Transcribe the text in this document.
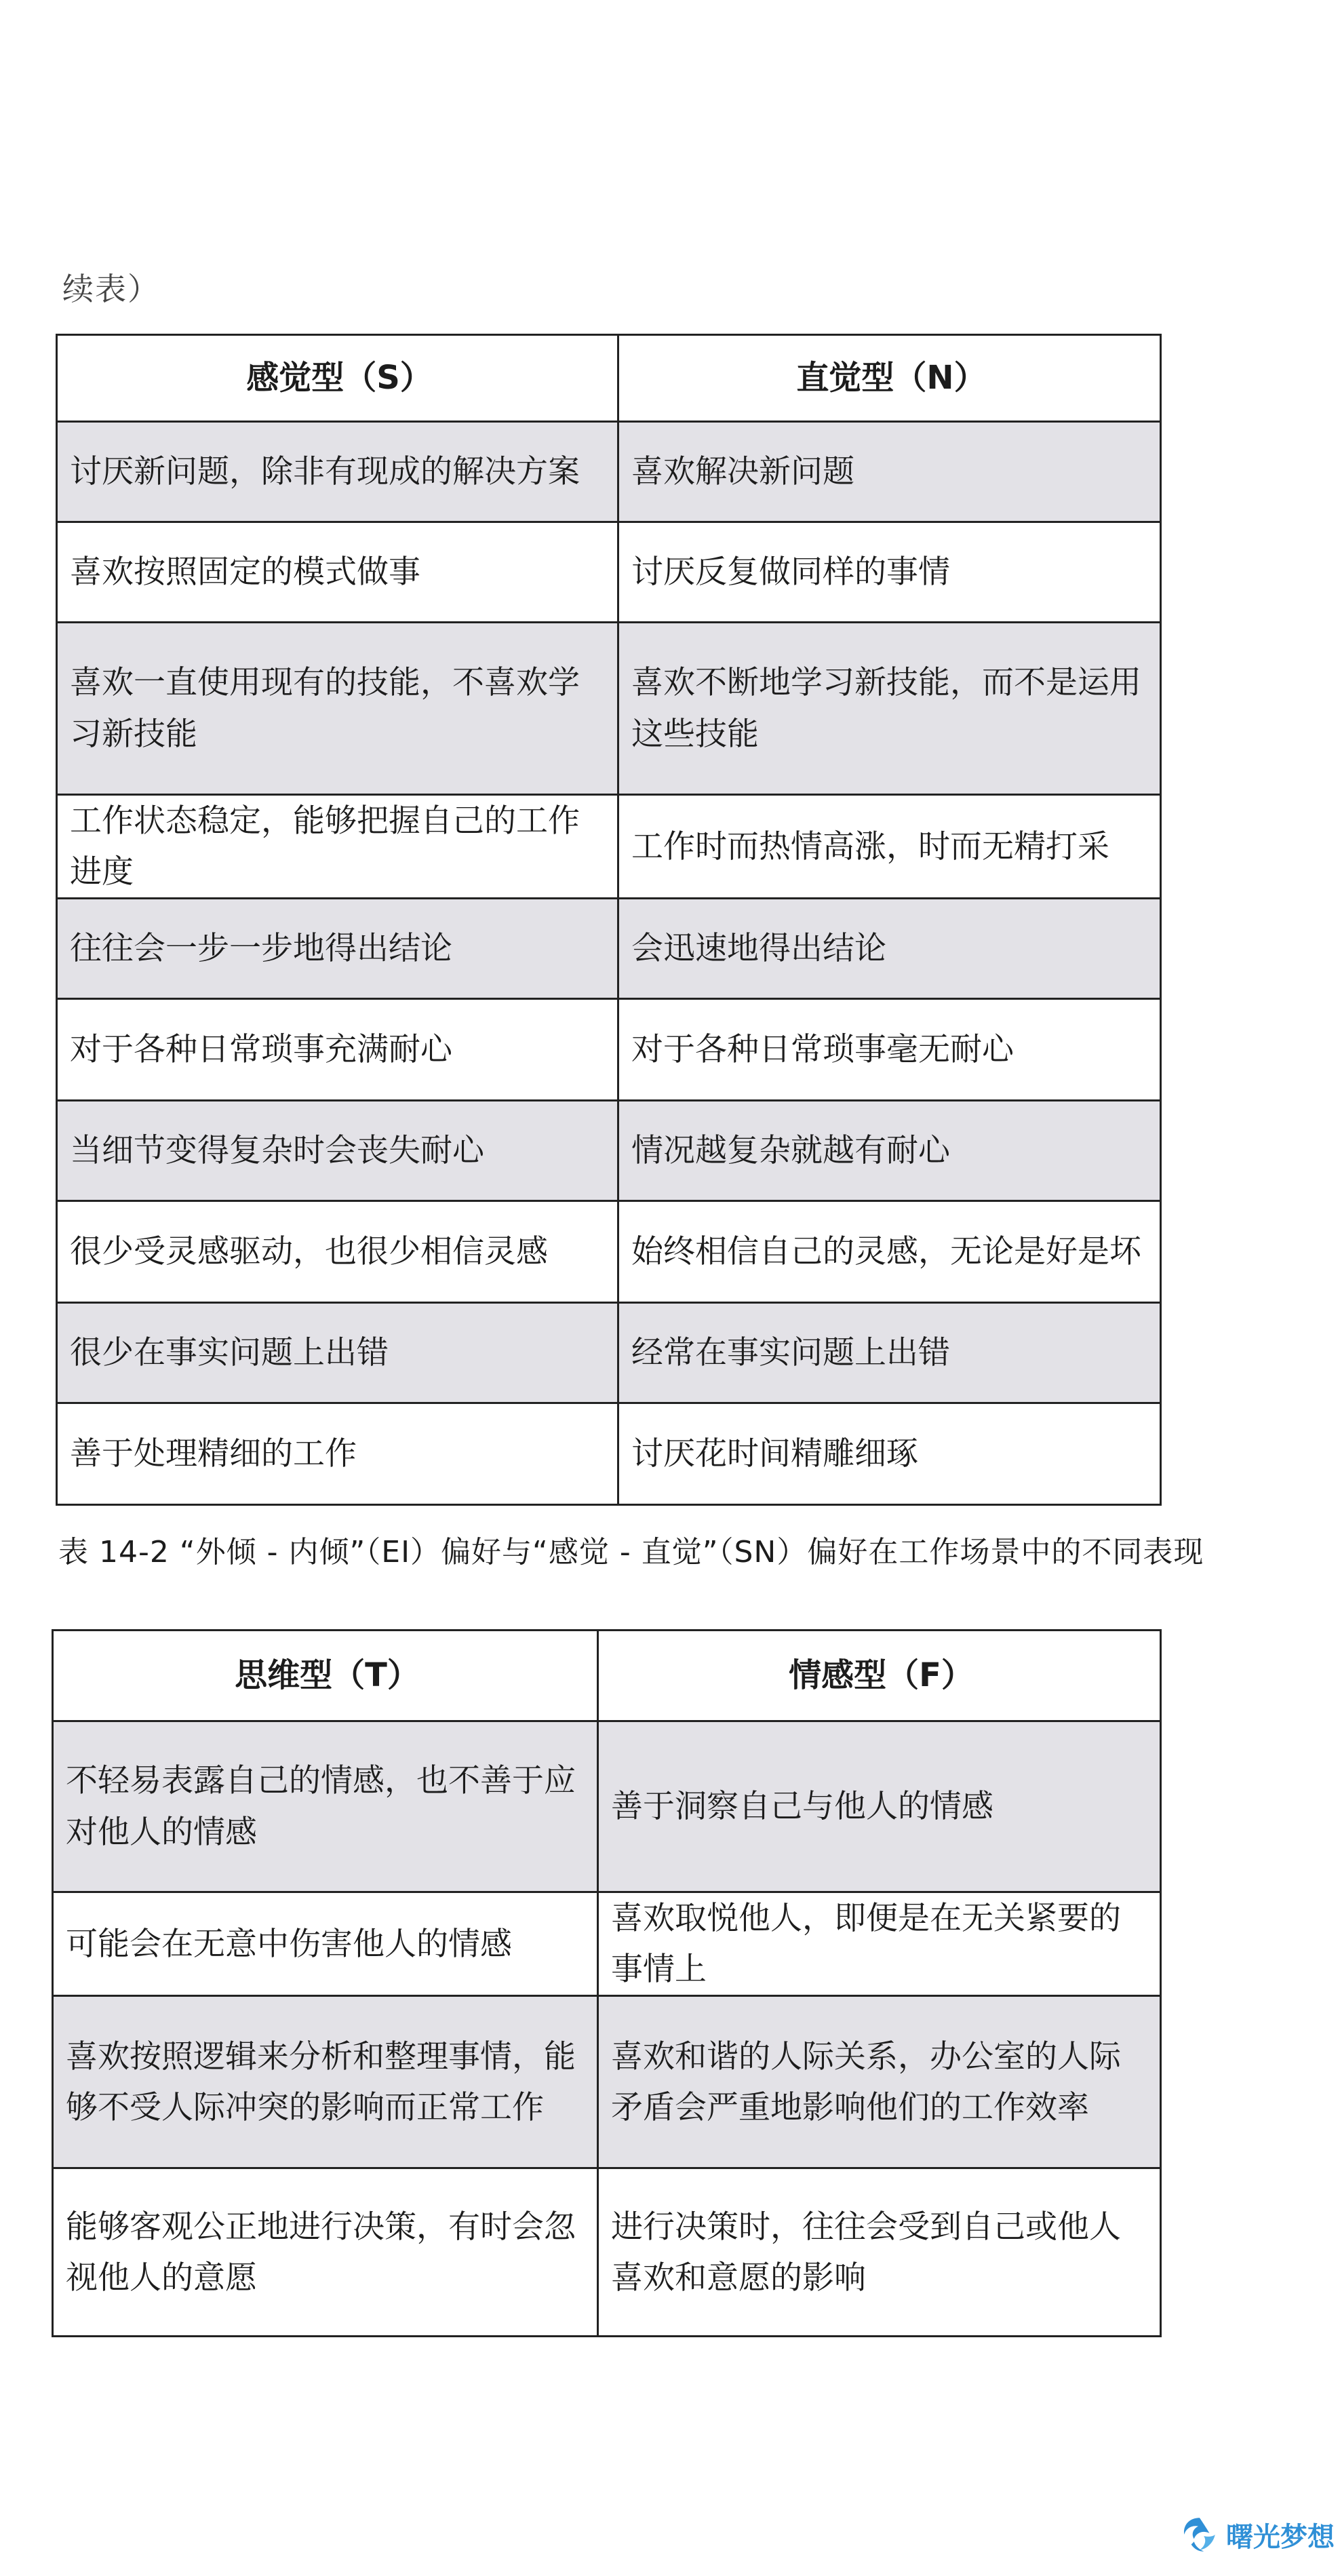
续表）
感觉型（S）	直觉型（N）
讨厌新问题，除非有现成的解决方案	喜欢解决新问题
喜欢按照固定的模式做事	讨厌反复做同样的事情
喜欢一直使用现有的技能，不喜欢学习新技能	喜欢不断地学习新技能，而不是运用这些技能
工作状态稳定，能够把握自己的工作进度	工作时而热情高涨，时而无精打采
往往会一步一步地得出结论	会迅速地得出结论
对于各种日常琐事充满耐心	对于各种日常琐事毫无耐心
当细节变得复杂时会丧失耐心	情况越复杂就越有耐心
很少受灵感驱动，也很少相信灵感	始终相信自己的灵感，无论是好是坏
很少在事实问题上出错	经常在事实问题上出错
善于处理精细的工作	讨厌花时间精雕细琢
表 14-2 “外倾 - 内倾”（EI）偏好与“感觉 - 直觉”（SN）偏好在工作场景中的不同表现
思维型（T）	情感型（F）
不轻易表露自己的情感，也不善于应对他人的情感	善于洞察自己与他人的情感
可能会在无意中伤害他人的情感	喜欢取悦他人，即便是在无关紧要的事情上
喜欢按照逻辑来分析和整理事情，能够不受人际冲突的影响而正常工作	喜欢和谐的人际关系，办公室的人际矛盾会严重地影响他们的工作效率
能够客观公正地进行决策，有时会忽视他人的意愿	进行决策时，往往会受到自己或他人喜欢和意愿的影响
曙光梦想
